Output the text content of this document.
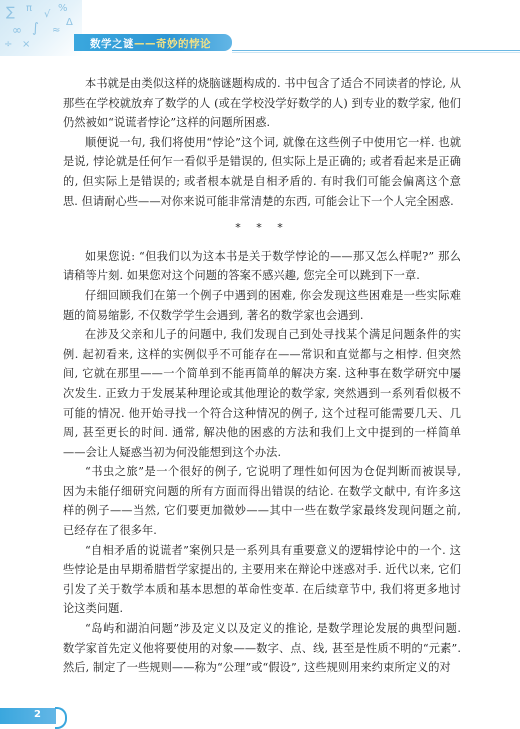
∑ π
√
∞ ∫
%
÷ ×
≈
Δ
数学之谜——奇妙的悖论

本书就是由类似这样的烧脑谜题构成的. 书中包含了适合不同读者的悖论, 从那些在学校就放弃了数学的人 (或在学校没学好数学的人) 到专业的数学家, 他们仍然被如“说谎者悖论”这样的问题所困惑.

顺便说一句, 我们将使用“悖论”这个词, 就像在这些例子中使用它一样. 也就是说, 悖论就是任何乍一看似乎是错误的, 但实际上是正确的; 或者看起来是正确的, 但实际上是错误的; 或者根本就是自相矛盾的. 有时我们可能会偏离这个意思. 但请耐心些——对你来说可能非常清楚的东西, 可能会让下一个人完全困惑.

* * *

如果您说: “但我们以为这本书是关于数学悖论的——那又怎么样呢?” 那么请稍等片刻. 如果您对这个问题的答案不感兴趣, 您完全可以跳到下一章.

仔细回顾我们在第一个例子中遇到的困难, 你会发现这些困难是一些实际难题的简易缩影, 不仅数学学生会遇到, 著名的数学家也会遇到.

在涉及父亲和儿子的问题中, 我们发现自己到处寻找某个满足问题条件的实例. 起初看来, 这样的实例似乎不可能存在——常识和直觉都与之相悖. 但突然间, 它就在那里——一个简单到不能再简单的解决方案. 这种事在数学研究中屡次发生. 正致力于发展某种理论或其他理论的数学家, 突然遇到一系列看似极不可能的情况. 他开始寻找一个符合这种情况的例子, 这个过程可能需要几天、几周, 甚至更长的时间. 通常, 解决他的困惑的方法和我们上文中提到的一样简单——会让人疑惑当初为何没能想到这个办法.

“书虫之旅”是一个很好的例子, 它说明了理性如何因为仓促判断而被误导, 因为未能仔细研究问题的所有方面而得出错误的结论. 在数学文献中, 有许多这样的例子——当然, 它们要更加微妙——其中一些在数学家最终发现问题之前, 已经存在了很多年.

“自相矛盾的说谎者”案例只是一系列具有重要意义的逻辑悖论中的一个. 这些悖论是由早期希腊哲学家提出的, 主要用来在辩论中迷惑对手. 近代以来, 它们引发了关于数学本质和基本思想的革命性变革. 在后续章节中, 我们将更多地讨论这类问题.

“岛屿和湖泊问题”涉及定义以及定义的推论, 是数学理论发展的典型问题. 数学家首先定义他将要使用的对象——数字、点、线, 甚至是性质不明的“元素”. 然后, 制定了一些规则——称为“公理”或“假设”, 这些规则用来约束所定义的对

2
